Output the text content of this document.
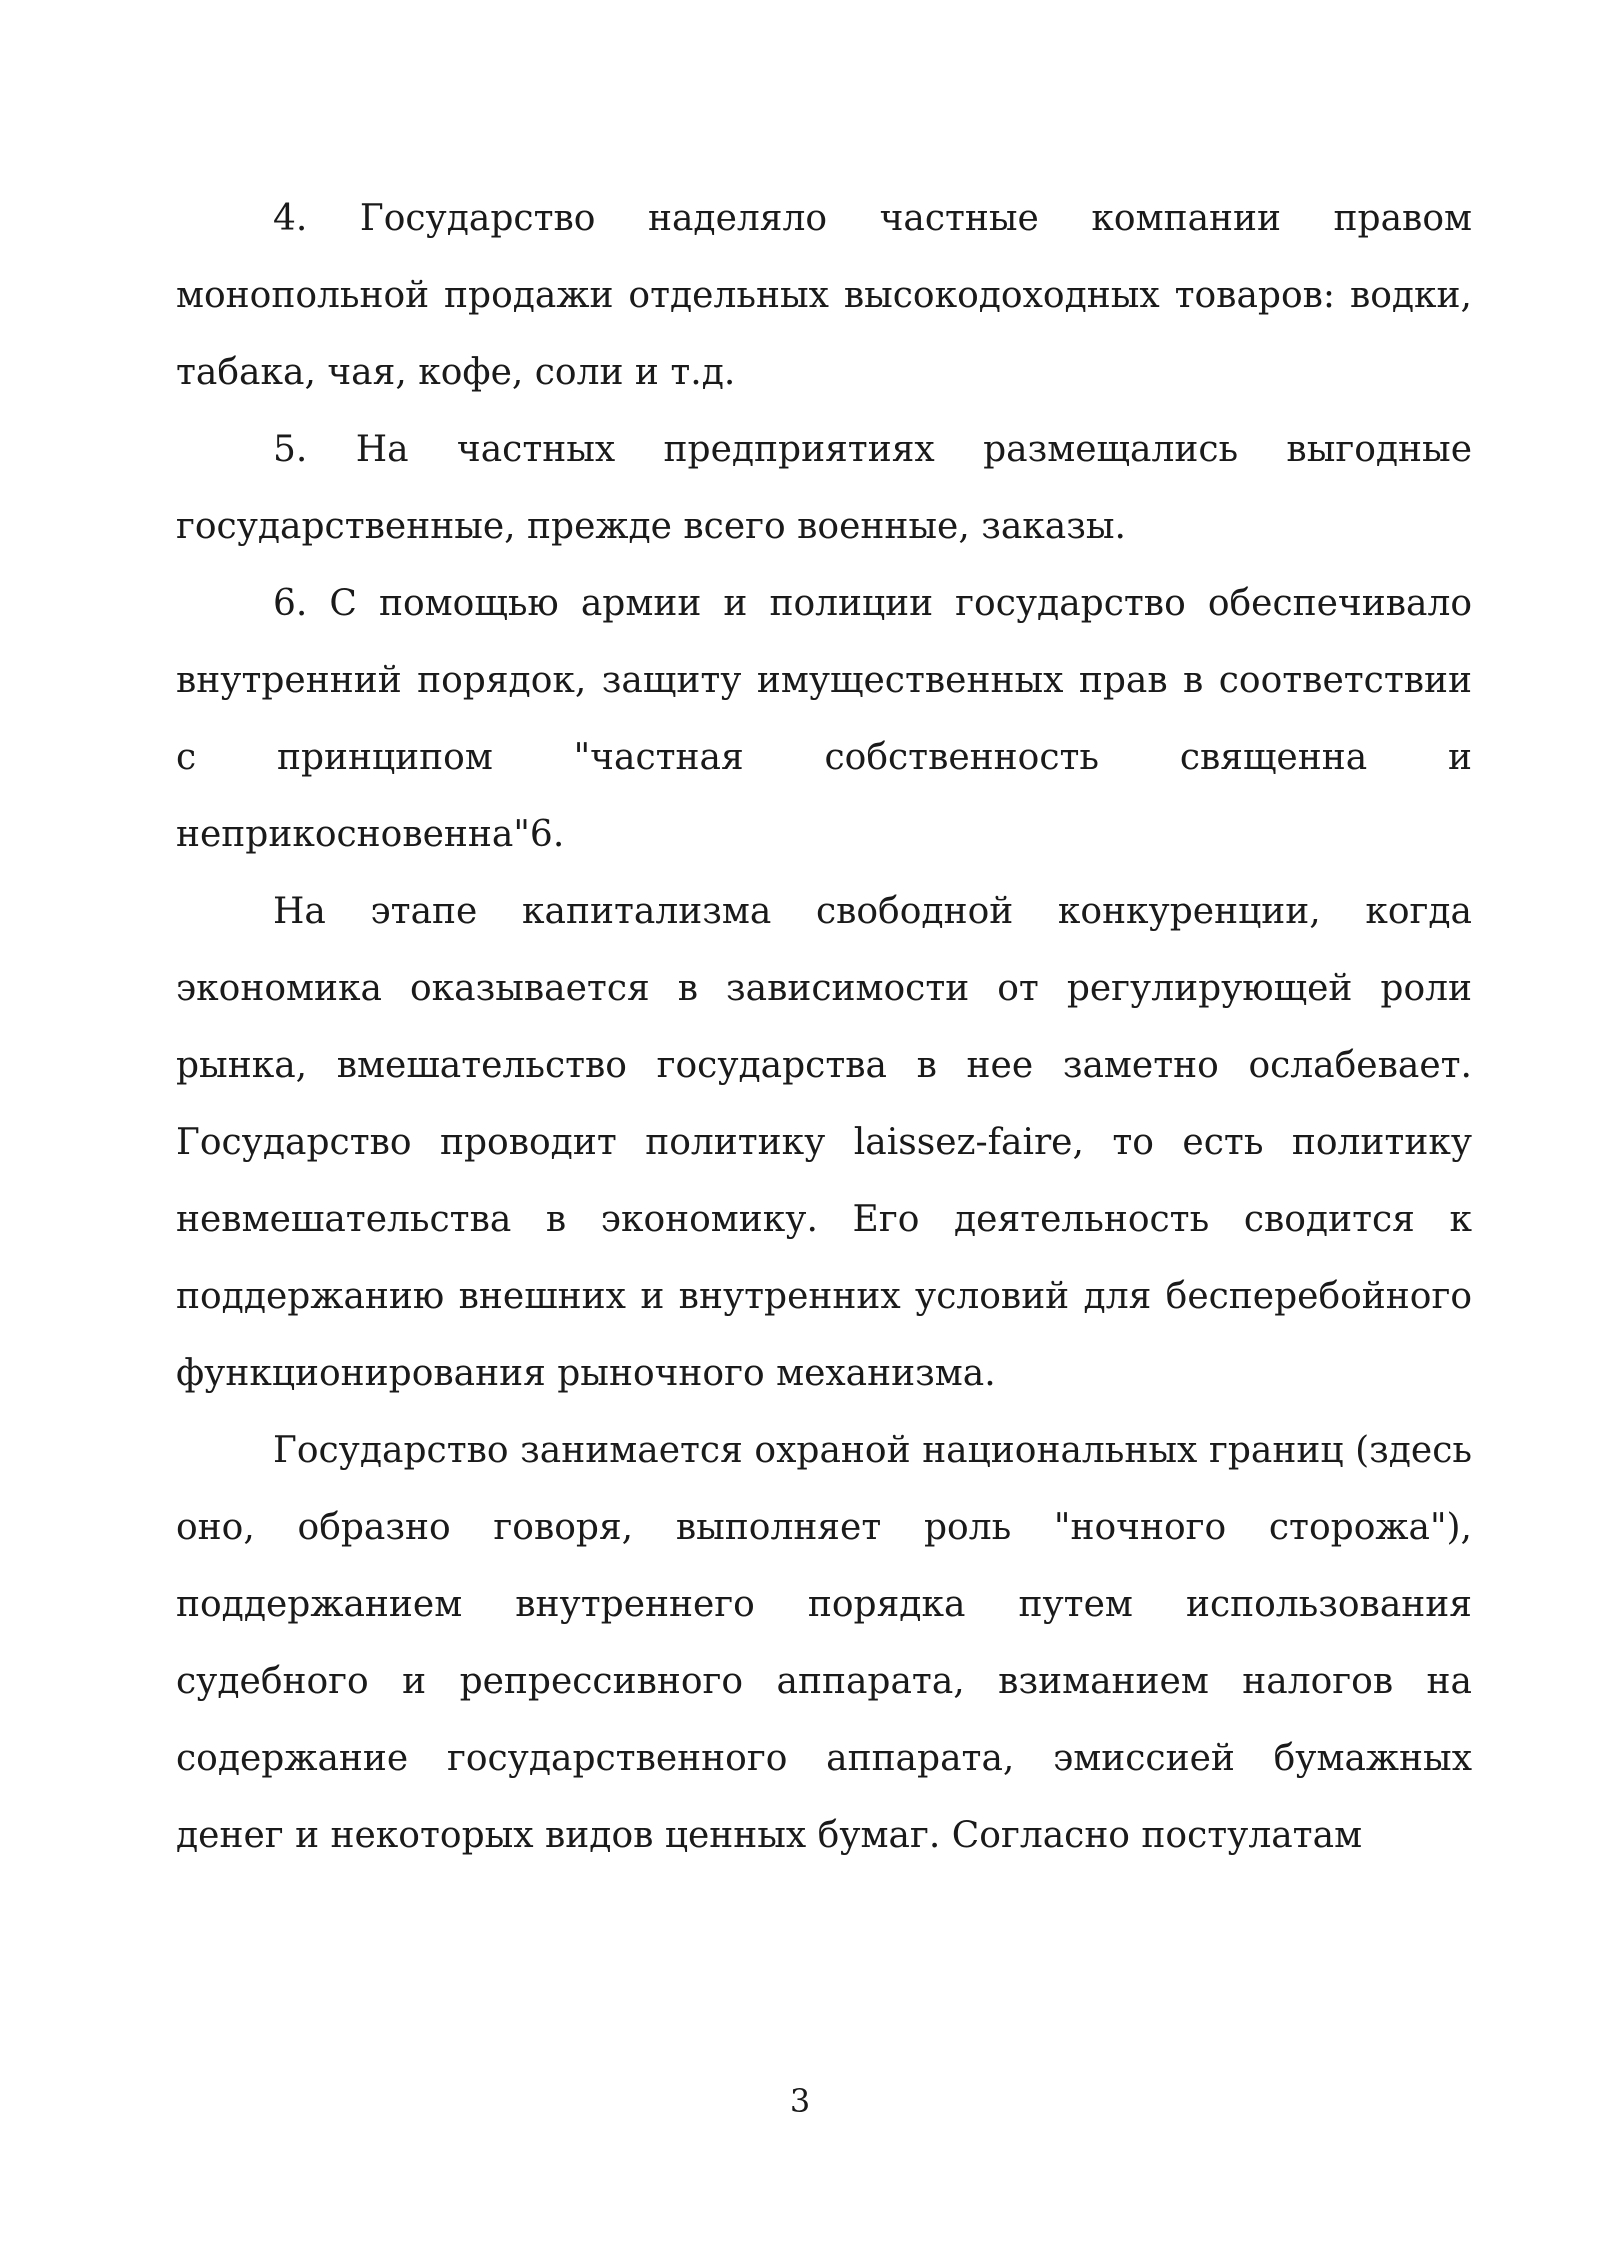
4. Государство наделяло частные компании правом монопольной продажи отдельных высокодоходных товаров: водки, табака, чая, кофе, соли и т.д.

5. На частных предприятиях размещались выгодные государственные, прежде всего военные, заказы.

6. С помощью армии и полиции государство обеспечивало внутренний порядок, защиту имущественных прав в соответствии с принципом "частная собственность священна и неприкосновенна"6.

На этапе капитализма свободной конкуренции, когда экономика оказывается в зависимости от регулирующей роли рынка, вмешательство государства в нее заметно ослабевает. Государство проводит политику laissez-faire, то есть политику невмешательства в экономику. Его деятельность сводится к поддержанию внешних и внутренних условий для бесперебойного функционирования рыночного механизма.

Государство занимается охраной национальных границ (здесь оно, образно говоря, выполняет роль "ночного сторожа"), поддержанием внутреннего порядка путем использования судебного и репрессивного аппарата, взиманием налогов на содержание государственного аппарата, эмиссией бумажных денег и некоторых видов ценных бумаг. Согласно постулатам

3
